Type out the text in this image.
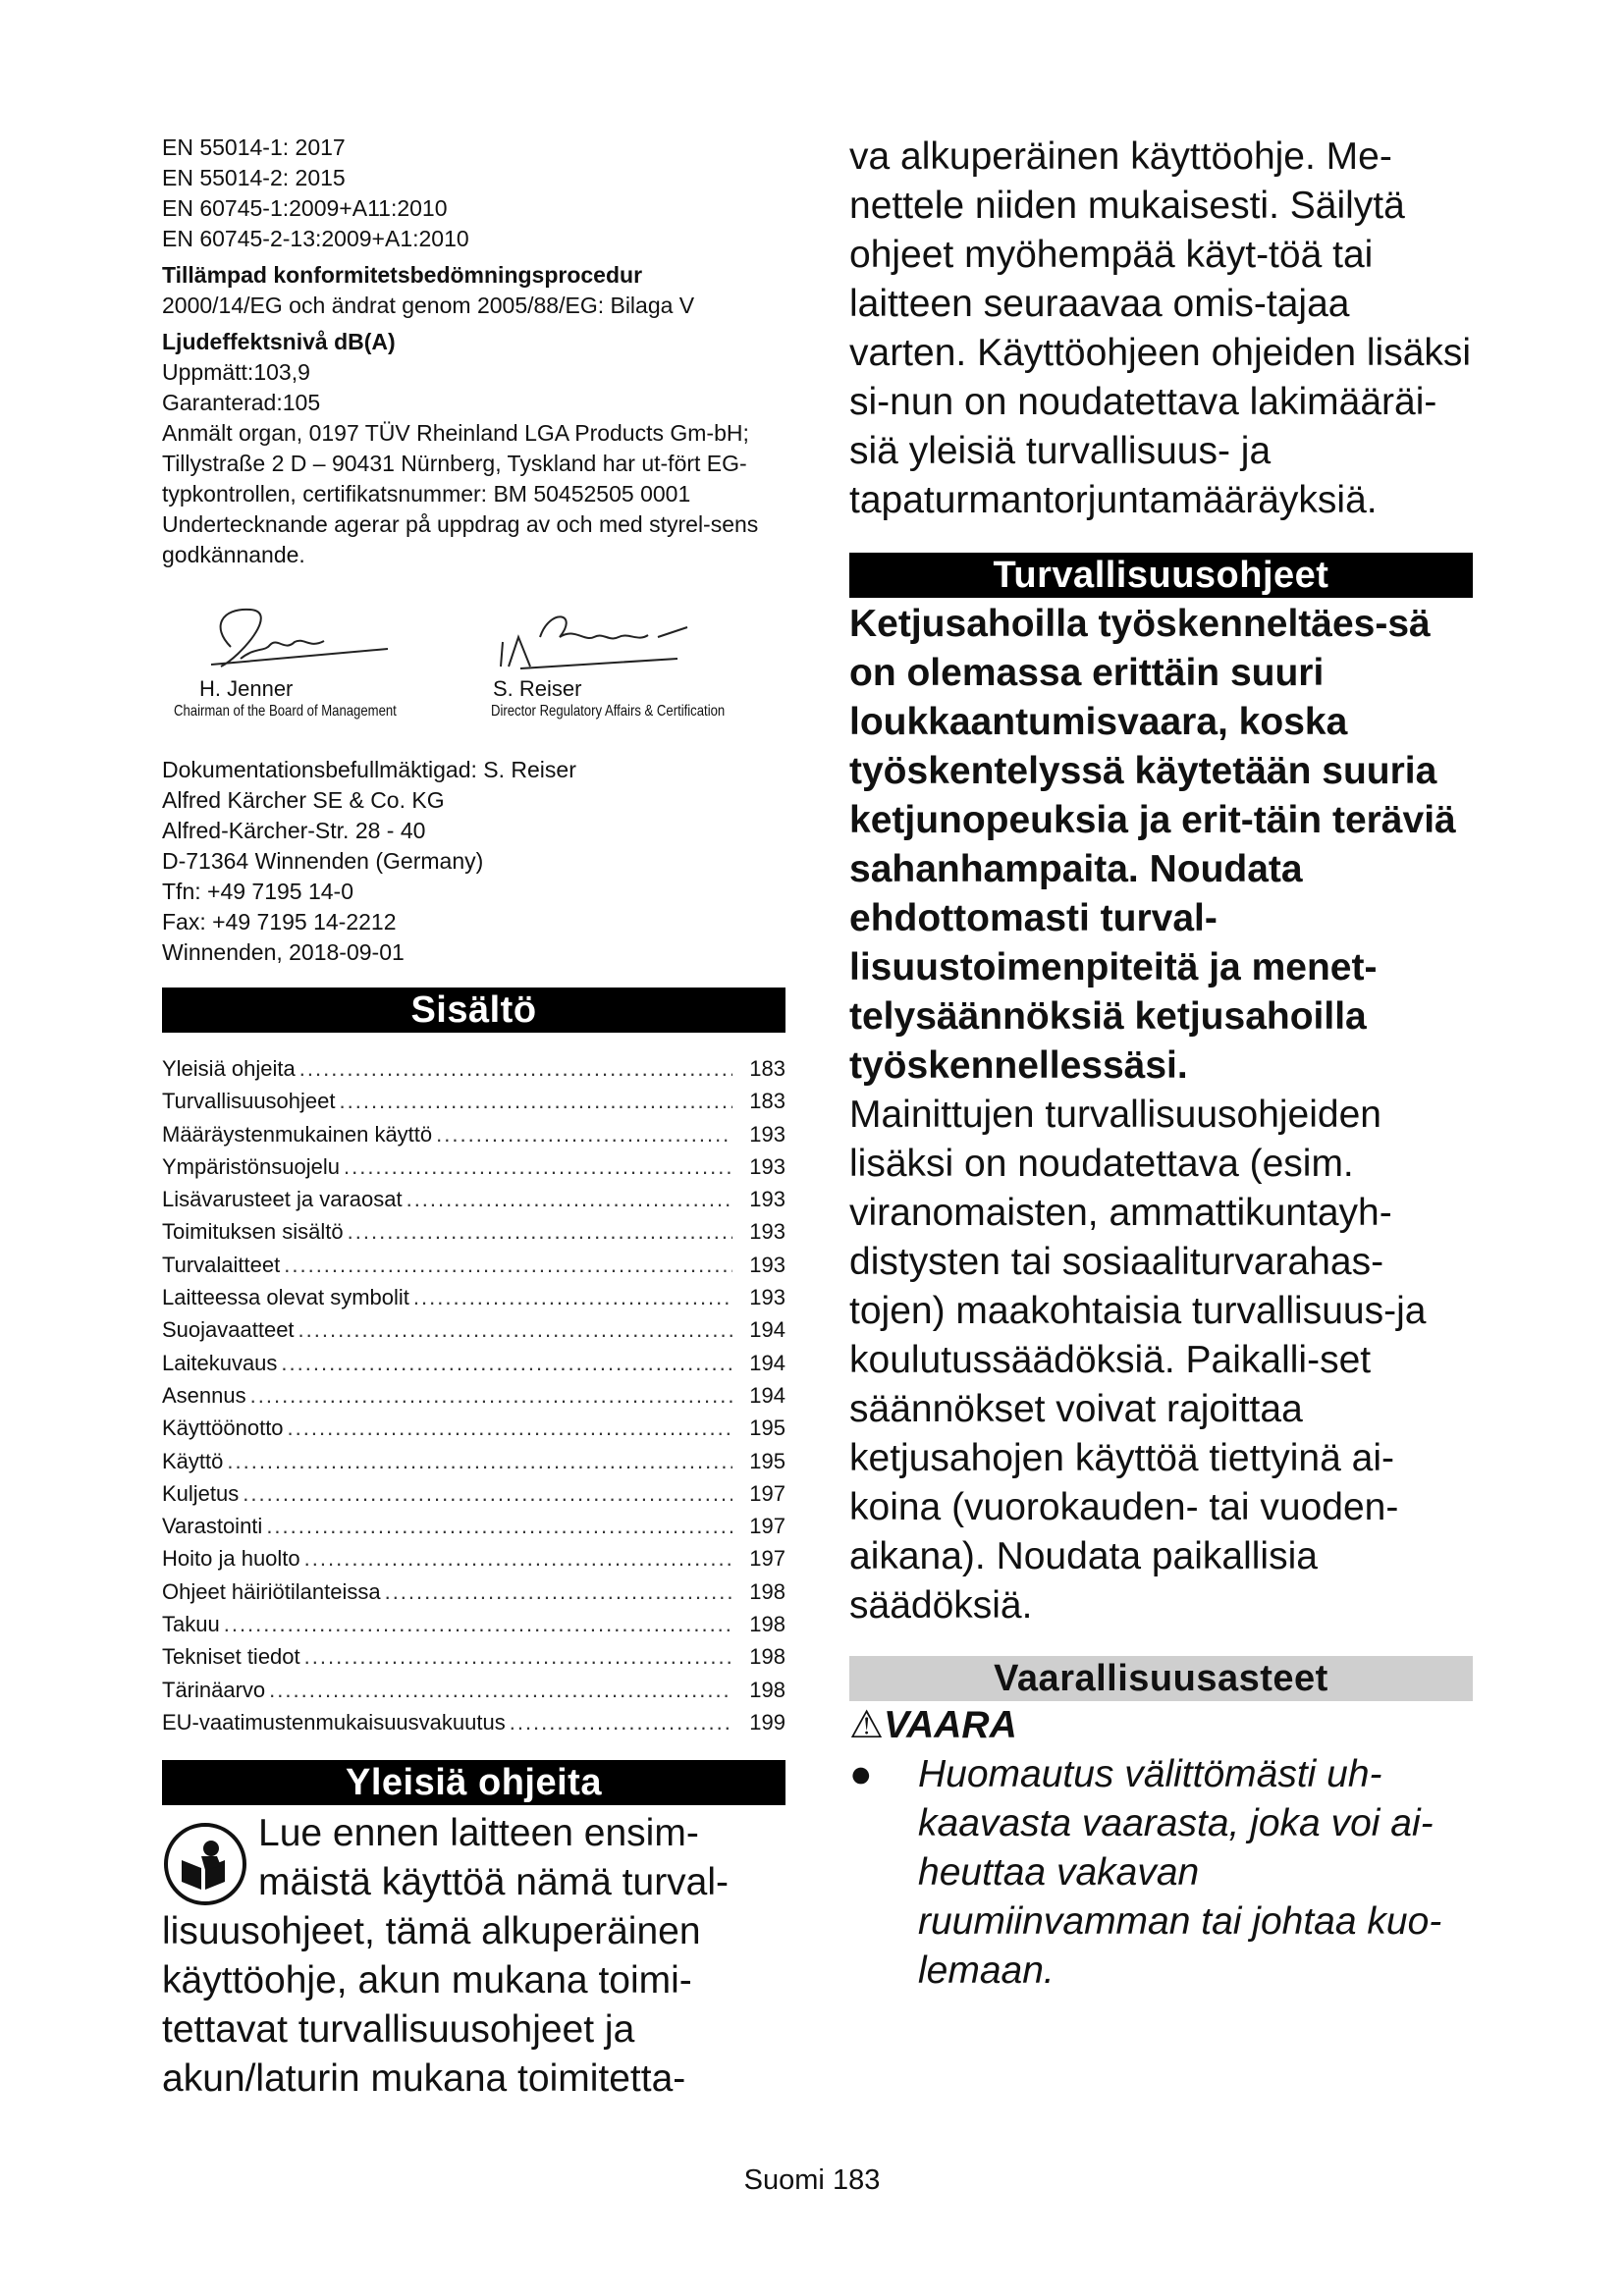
EN 55014-1: 2017
EN 55014-2: 2015
EN 60745-1:2009+A11:2010
EN 60745-2-13:2009+A1:2010
Tillämpad konformitetsbedömningsprocedur
2000/14/EG och ändrat genom 2005/88/EG: Bilaga V
Ljudeffektsnivå dB(A)
Uppmätt:103,9
Garanterad:105
Anmält organ, 0197 TÜV Rheinland LGA Products Gm-bH; Tillystraße 2 D – 90431 Nürnberg, Tyskland har ut-fört EG-typkontrollen, certifikatsnummer: BM 50452505 0001
Undertecknande agerar på uppdrag av och med styrel-sens godkännande.
H. Jenner
Chairman of the Board of Management
S. Reiser
Director Regulatory Affairs & Certification
Dokumentationsbefullmäktigad: S. Reiser
Alfred Kärcher SE & Co. KG
Alfred-Kärcher-Str. 28 - 40
D-71364 Winnenden (Germany)
Tfn: +49 7195 14-0
Fax: +49 7195 14-2212
Winnenden, 2018-09-01
Sisältö
Yleisiä ohjeita .....	183
Turvallisuusohjeet .....	183
Määräystenmukainen käyttö .....	193
Ympäristönsuojelu .....	193
Lisävarusteet ja varaosat .....	193
Toimituksen sisältö .....	193
Turvalaitteet .....	193
Laitteessa olevat symbolit .....	193
Suojavaatteet .....	194
Laitekuvaus .....	194
Asennus .....	194
Käyttöönotto .....	195
Käyttö .....	195
Kuljetus .....	197
Varastointi .....	197
Hoito ja huolto .....	197
Ohjeet häiriötilanteissa .....	198
Takuu .....	198
Tekniset tiedot .....	198
Tärinäarvo .....	198
EU-vaatimustenmukaisuusvakuutus .....	199
Yleisiä ohjeita
Lue ennen laitteen ensim-mäistä käyttöä nämä turval-lisuusohjeet, tämä alkuperäinen käyttöohje, akun mukana toimi-tettavat turvallisuusohjeet ja akun/laturin mukana toimitetta-
va alkuperäinen käyttöohje. Me-nettele niiden mukaisesti. Säilytä ohjeet myöhempää käyt-töä tai laitteen seuraavaa omis-tajaa varten. Käyttöohjeen ohjeiden lisäksi si-nun on noudatettava lakimääräi-siä yleisiä turvallisuus- ja tapaturmantorjuntamääräyksiä.
Turvallisuusohjeet
Ketjusahoilla työskenneltäes-sä on olemassa erittäin suuri loukkaantumisvaara, koska työskentelyssä käytetään suuria ketjunopeuksia ja erit-täin teräviä sahanhampaita. Noudata ehdottomasti turval-lisuustoimenpiteitä ja menet-telysäännöksiä ketjusahoilla työskennellessäsi.
Mainittujen turvallisuusohjeiden lisäksi on noudatettava (esim. viranomaisten, ammattikuntayh-distysten tai sosiaaliturvarahas-tojen) maakohtaisia turvallisuus-ja koulutussäädöksiä. Paikalli-set säännökset voivat rajoittaa ketjusahojen käyttöä tiettyinä ai-koina (vuorokauden- tai vuoden-aikana). Noudata paikallisia säädöksiä.
Vaarallisuusasteet
⚠VAARA
●	Huomautus välittömästi uh-kaavasta vaarasta, joka voi ai-heuttaa vakavan ruumiinvamman tai johtaa kuo-lemaan.
Suomi 183
